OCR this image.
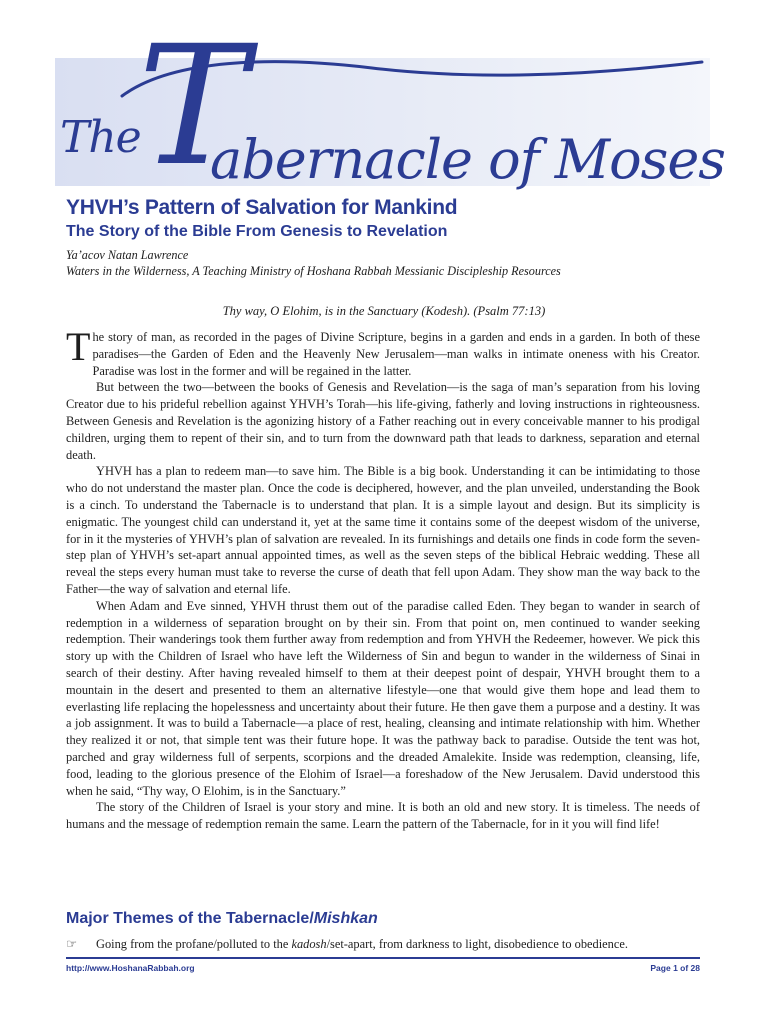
The
T
abernacle of Moses
YHVH’s Pattern of Salvation for Mankind
The Story of the Bible From Genesis to Revelation
Ya’acov Natan Lawrence
Waters in the Wilderness, A Teaching Ministry of Hoshana Rabbah Messianic Discipleship Resources
Thy way, O Elohim, is in the Sanctuary (Kodesh). (Psalm 77:13)

The story of man, as recorded in the pages of Divine Scripture, begins in a garden and ends in a garden. In both of these paradises—the Garden of Eden and the Heavenly New Jerusalem—man walks in intimate oneness with his Creator. Paradise was lost in the former and will be regained in the latter.

But between the two—between the books of Genesis and Revelation—is the saga of man’s separation from his loving Creator due to his prideful rebellion against YHVH’s Torah—his life-giving, fatherly and loving instructions in righteousness. Between Genesis and Revelation is the agonizing history of a Father reaching out in every conceivable manner to his prodigal children, urging them to repent of their sin, and to turn from the downward path that leads to darkness, separation and eternal death.

YHVH has a plan to redeem man—to save him. The Bible is a big book. Understanding it can be intimidating to those who do not understand the master plan. Once the code is deciphered, however, and the plan unveiled, understanding the Book is a cinch. To understand the Tabernacle is to understand that plan. It is a simple layout and design. But its simplicity is enigmatic. The youngest child can understand it, yet at the same time it contains some of the deepest wisdom of the universe, for in it the mysteries of YHVH’s plan of salvation are revealed. In its furnishings and details one finds in code form the seven-step plan of YHVH’s set-apart annual appointed times, as well as the seven steps of the biblical Hebraic wedding. These all reveal the steps every human must take to reverse the curse of death that fell upon Adam. They show man the way back to the Father—the way of salvation and eternal life.

When Adam and Eve sinned, YHVH thrust them out of the paradise called Eden. They began to wander in search of redemption in a wilderness of separation brought on by their sin. From that point on, men continued to wander seeking redemption. Their wanderings took them further away from redemption and from YHVH the Redeemer, however. We pick this story up with the Children of Israel who have left the Wilderness of Sin and begun to wander in the wilderness of Sinai in search of their destiny. After having revealed himself to them at their deepest point of despair, YHVH brought them to a mountain in the desert and presented to them an alternative lifestyle—one that would give them hope and lead them to everlasting life replacing the hopelessness and uncertainty about their future. He then gave them a purpose and a destiny. It was a job assignment. It was to build a Tabernacle—a place of rest, healing, cleansing and intimate relationship with him. Whether they realized it or not, that simple tent was their future hope. It was the pathway back to paradise. Outside the tent was hot, parched and gray wilderness full of serpents, scorpions and the dreaded Amalekite. Inside was redemption, cleansing, life, food, leading to the glorious presence of the Elohim of Israel—a foreshadow of the New Jerusalem. David understood this when he said, “Thy way, O Elohim, is in the Sanctuary.”

The story of the Children of Israel is your story and mine. It is both an old and new story. It is timeless. The needs of humans and the message of redemption remain the same. Learn the pattern of the Tabernacle, for in it you will find life!

Major Themes of the Tabernacle/Mishkan
☞ Going from the profane/polluted to the kadosh/set-apart, from darkness to light, disobedience to obedience.
http://www.HoshanaRabbah.org	Page 1 of 28
